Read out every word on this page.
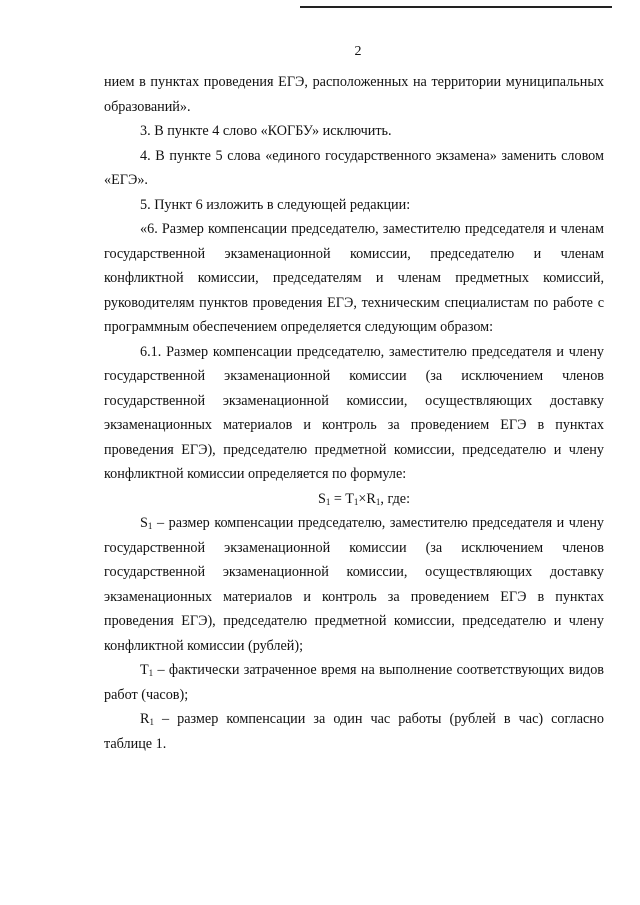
2

нием в пунктах проведения ЕГЭ, расположенных на территории муниципальных образований».

3. В пункте 4 слово «КОГБУ» исключить.

4. В пункте 5 слова «единого государственного экзамена» заменить словом «ЕГЭ».

5. Пункт 6 изложить в следующей редакции:

«6. Размер компенсации председателю, заместителю председателя и членам государственной экзаменационной комиссии, председателю и членам конфликтной комиссии, председателям и членам предметных комиссий, руководителям пунктов проведения ЕГЭ, техническим специалистам по работе с программным обеспечением определяется следующим образом:

6.1. Размер компенсации председателю, заместителю председателя и члену государственной экзаменационной комиссии (за исключением членов государственной экзаменационной комиссии, осуществляющих доставку экзаменационных материалов и контроль за проведением ЕГЭ в пунктах проведения ЕГЭ), председателю предметной комиссии, председателю и члену конфликтной комиссии определяется по формуле:

$S_1 = T_1\times R_1$, где:

$S_1$ – размер компенсации председателю, заместителю председателя и члену государственной экзаменационной комиссии (за исключением членов государственной экзаменационной комиссии, осуществляющих доставку экзаменационных материалов и контроль за проведением ЕГЭ в пунктах проведения ЕГЭ), председателю предметной комиссии, председателю и члену конфликтной комиссии (рублей);

$T_1$ – фактически затраченное время на выполнение соответствующих видов работ (часов);

$R_1$ – размер компенсации за один час работы (рублей в час) согласно таблице 1.
